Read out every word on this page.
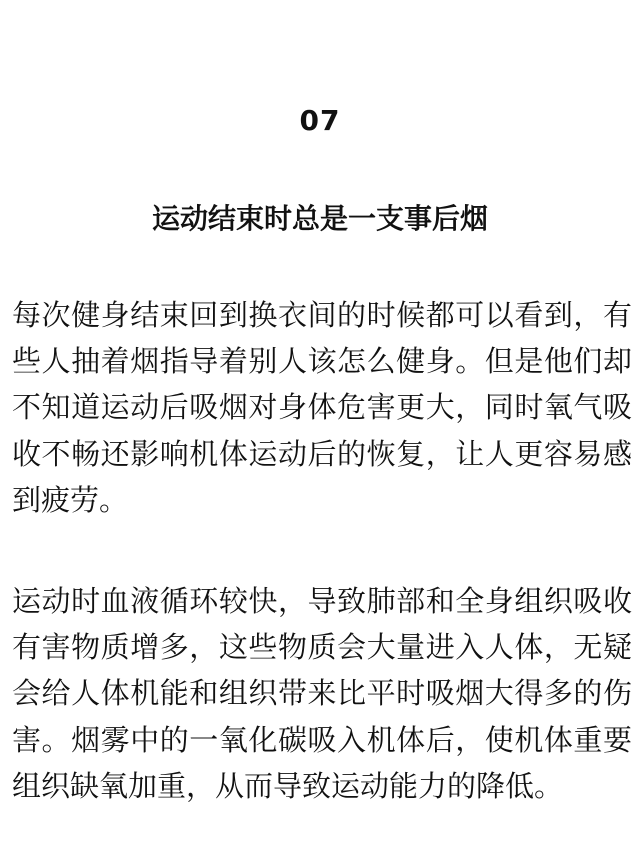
07
运动结束时总是一支事后烟

每次健身结束回到换衣间的时候都可以看到，有些人抽着烟指导着别人该怎么健身。但是他们却不知道运动后吸烟对身体危害更大，同时氧气吸收不畅还影响机体运动后的恢复，让人更容易感到疲劳。

运动时血液循环较快，导致肺部和全身组织吸收有害物质增多，这些物质会大量进入人体，无疑会给人体机能和组织带来比平时吸烟大得多的伤害。烟雾中的一氧化碳吸入机体后，使机体重要组织缺氧加重，从而导致运动能力的降低。
